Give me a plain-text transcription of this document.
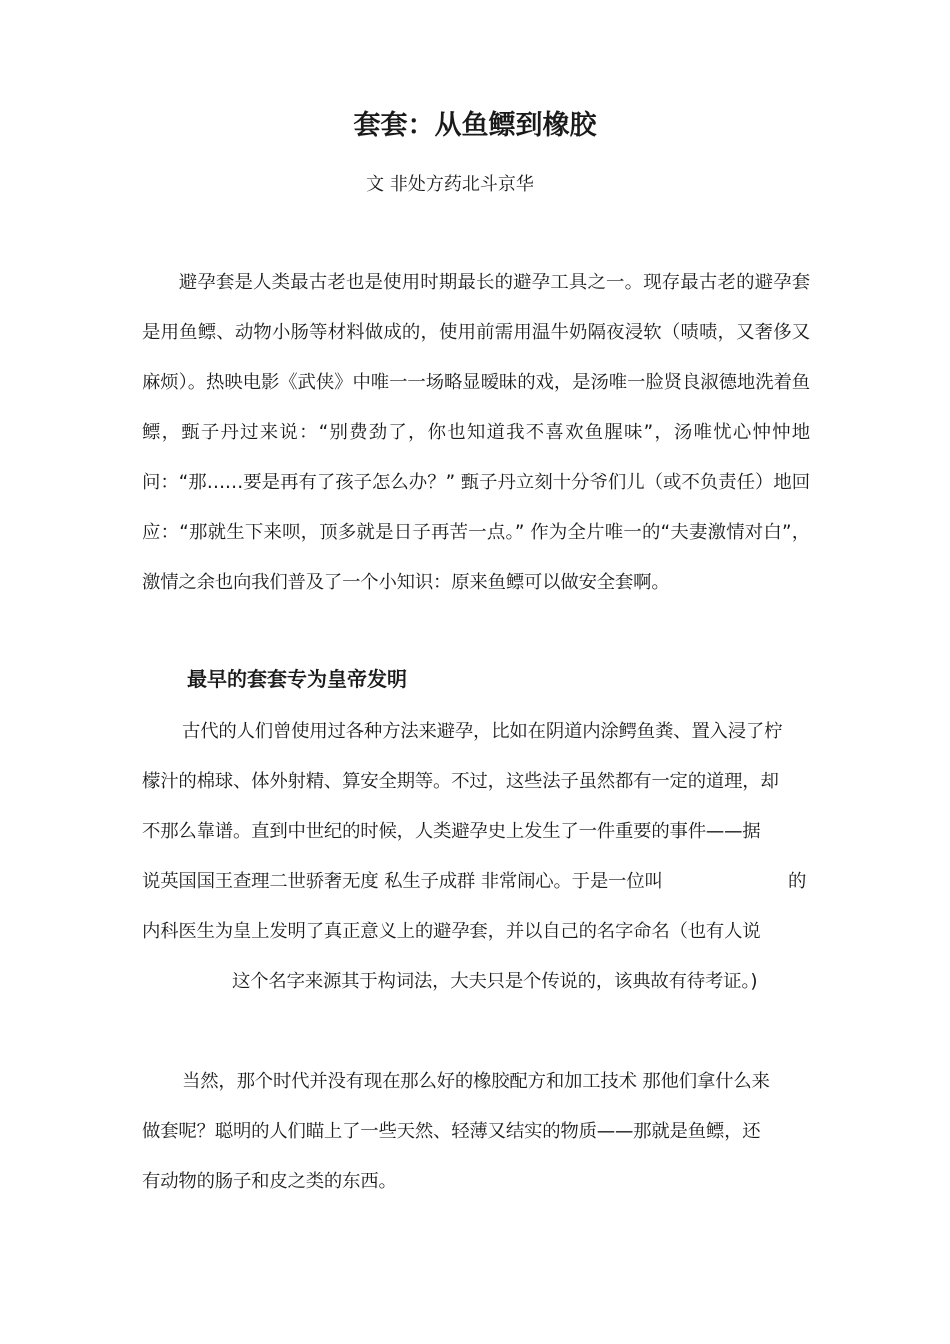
套套：从鱼鳔到橡胶

文 非处方药北斗京华

避孕套是人类最古老也是使用时期最长的避孕工具之一。现存最古老的避孕套是用鱼鳔、动物小肠等材料做成的，使用前需用温牛奶隔夜浸软（啧啧，又奢侈又麻烦）。热映电影《武侠》中唯一一场略显暧昧的戏，是汤唯一脸贤良淑德地洗着鱼鳔，甄子丹过来说：“别费劲了，你也知道我不喜欢鱼腥味”，汤唯忧心忡忡地问：“那……要是再有了孩子怎么办？” 甄子丹立刻十分爷们儿（或不负责任）地回应：“那就生下来呗，顶多就是日子再苦一点。” 作为全片唯一的“夫妻激情对白”，激情之余也向我们普及了一个小知识：原来鱼鳔可以做安全套啊。

最早的套套专为皇帝发明

古代的人们曾使用过各种方法来避孕，比如在阴道内涂鳄鱼粪、置入浸了柠

檬汁的棉球、体外射精、算安全期等。不过，这些法子虽然都有一定的道理，却

不那么靠谱。直到中世纪的时候，人类避孕史上发生了一件重要的事件——据

说英国国王查理二世骄奢无度 私生子成群 非常闹心。于是一位叫	的

内科医生为皇上发明了真正意义上的避孕套，并以自己的名字命名（也有人说

这个名字来源其于构词法，大夫只是个传说的，该典故有待考证。)

当然，那个时代并没有现在那么好的橡胶配方和加工技术 那他们拿什么来

做套呢？聪明的人们瞄上了一些天然、轻薄又结实的物质——那就是鱼鳔，还

有动物的肠子和皮之类的东西。
